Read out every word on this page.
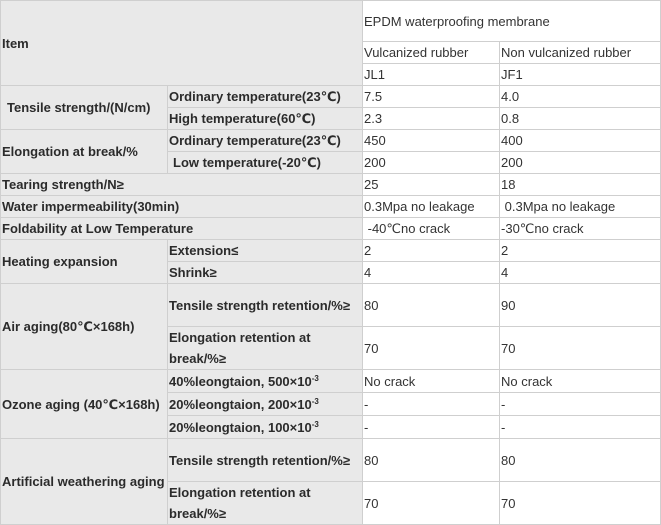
Item		EPDM waterproofing membrane	
		Vulcanized rubber	Non vulcanized rubber
		JL1	JF1
Tensile strength/(N/cm)	Ordinary temperature(23℃)	7.5	4.0
	High temperature(60℃)	2.3	0.8
Elongation at break/%	Ordinary temperature(23℃)	450	400
	Low temperature(-20℃)	200	200
Tearing strength/N≥		25	18
Water impermeability(30min)		0.3Mpa no leakage	0.3Mpa no leakage
Foldability at Low Temperature		-40℃no crack	-30℃no crack
Heating expansion	Extension≤	2	2
	Shrink≥	4	4
Air aging(80℃×168h)	Tensile strength retention/%≥	80	90
	Elongation retention at break/%≥	70	70
Ozone aging (40℃×168h)	40%leongtaion, $500\times 10^{-3}$	No crack	No crack
	20%leongtaion, $200\times 10^{-3}$	-	-
	20%leongtaion, $100\times 10^{-3}$	-	-
Artificial weathering aging	Tensile strength retention/%≥	80	80
	Elongation retention at break/%≥	70	70
